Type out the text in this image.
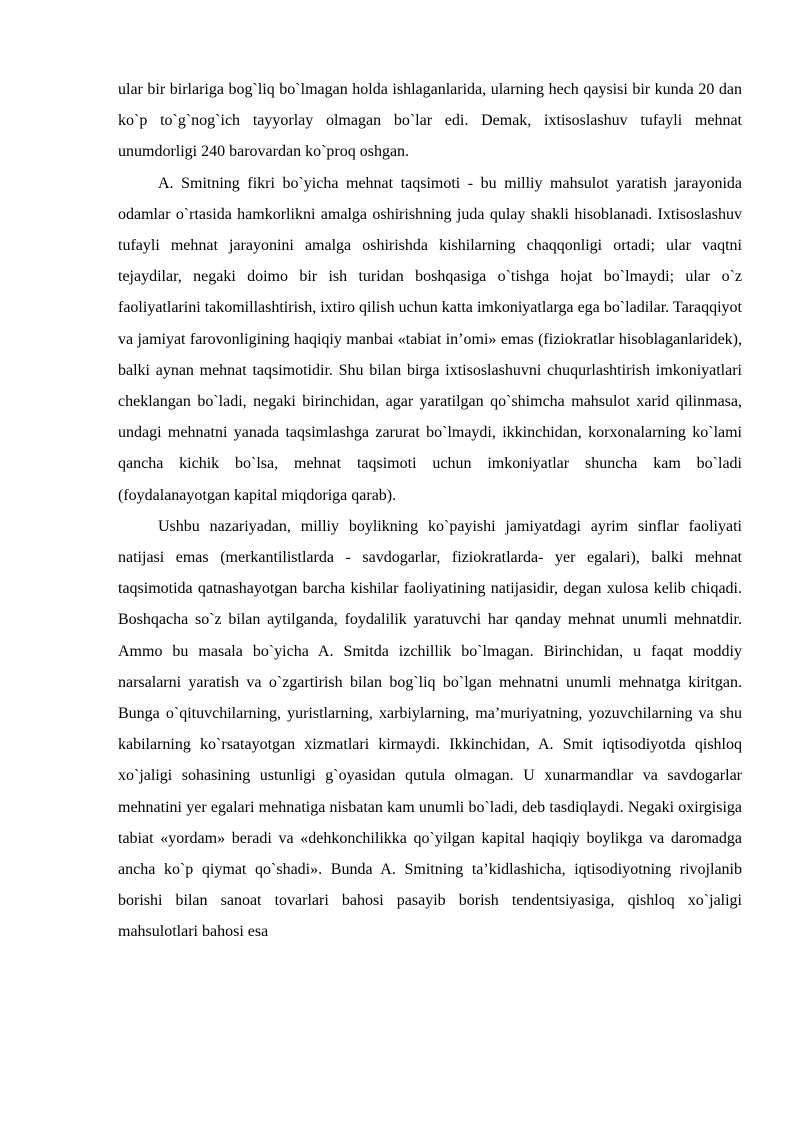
ular bir birlariga bog`liq bo`lmagan holda ishlaganlarida, ularning hech qaysisi bir kunda 20 dan ko`p to`g`nog`ich tayyorlay olmagan bo`lar edi. Demak, ixtisoslashuv tufayli mehnat unumdorligi 240 barovardan ko`proq oshgan.

A. Smitning fikri bo`yicha mehnat taqsimoti - bu milliy mahsulot yaratish jarayonida odamlar o`rtasida hamkorlikni amalga oshirishning juda qulay shakli hisoblanadi. Ixtisoslashuv tufayli mehnat jarayonini amalga oshirishda kishilarning chaqqonligi ortadi; ular vaqtni tejaydilar, negaki doimo bir ish turidan boshqasiga o`tishga hojat bo`lmaydi; ular o`z faoliyatlarini takomillashtirish, ixtiro qilish uchun katta imkoniyatlarga ega bo`ladilar. Taraqqiyot va jamiyat farovonligining haqiqiy manbai «tabiat in’omi» emas (fiziokratlar hisoblaganlaridek), balki aynan mehnat taqsimotidir. Shu bilan birga ixtisoslashuvni chuqurlashtirish imkoniyatlari cheklangan bo`ladi, negaki birinchidan, agar yaratilgan qo`shimcha mahsulot xarid qilinmasa, undagi mehnatni yanada taqsimlashga zarurat bo`lmaydi, ikkinchidan, korxonalarning ko`lami qancha kichik bo`lsa, mehnat taqsimoti uchun imkoniyatlar shuncha kam bo`ladi (foydalanayotgan kapital miqdoriga qarab).

Ushbu nazariyadan, milliy boylikning ko`payishi jamiyatdagi ayrim sinflar faoliyati natijasi emas (merkantilistlarda - savdogarlar, fiziokratlarda- yer egalari), balki mehnat taqsimotida qatnashayotgan barcha kishilar faoliyatining natijasidir, degan xulosa kelib chiqadi. Boshqacha so`z bilan aytilganda, foydalilik yaratuvchi har qanday mehnat unumli mehnatdir. Ammo bu masala bo`yicha A. Smitda izchillik bo`lmagan. Birinchidan, u faqat moddiy narsalarni yaratish va o`zgartirish bilan bog`liq bo`lgan mehnatni unumli mehnatga kiritgan. Bunga o`qituvchilarning, yuristlarning, xarbiylarning, ma’muriyatning, yozuvchilarning va shu kabilarning ko`rsatayotgan xizmatlari kirmaydi. Ikkinchidan, A. Smit iqtisodiyotda qishloq xo`jaligi sohasining ustunligi g`oyasidan qutula olmagan. U xunarmandlar va savdogarlar mehnatini yer egalari mehnatiga nisbatan kam unumli bo`ladi, deb tasdiqlaydi. Negaki oxirgisiga tabiat «yordam» beradi va «dehkonchilikka qo`yilgan kapital haqiqiy boylikga va daromadga ancha ko`p qiymat qo`shadi». Bunda A. Smitning ta’kidlashicha, iqtisodiyotning rivojlanib borishi bilan sanoat tovarlari bahosi pasayib borish tendentsiyasiga, qishloq xo`jaligi mahsulotlari bahosi esa
